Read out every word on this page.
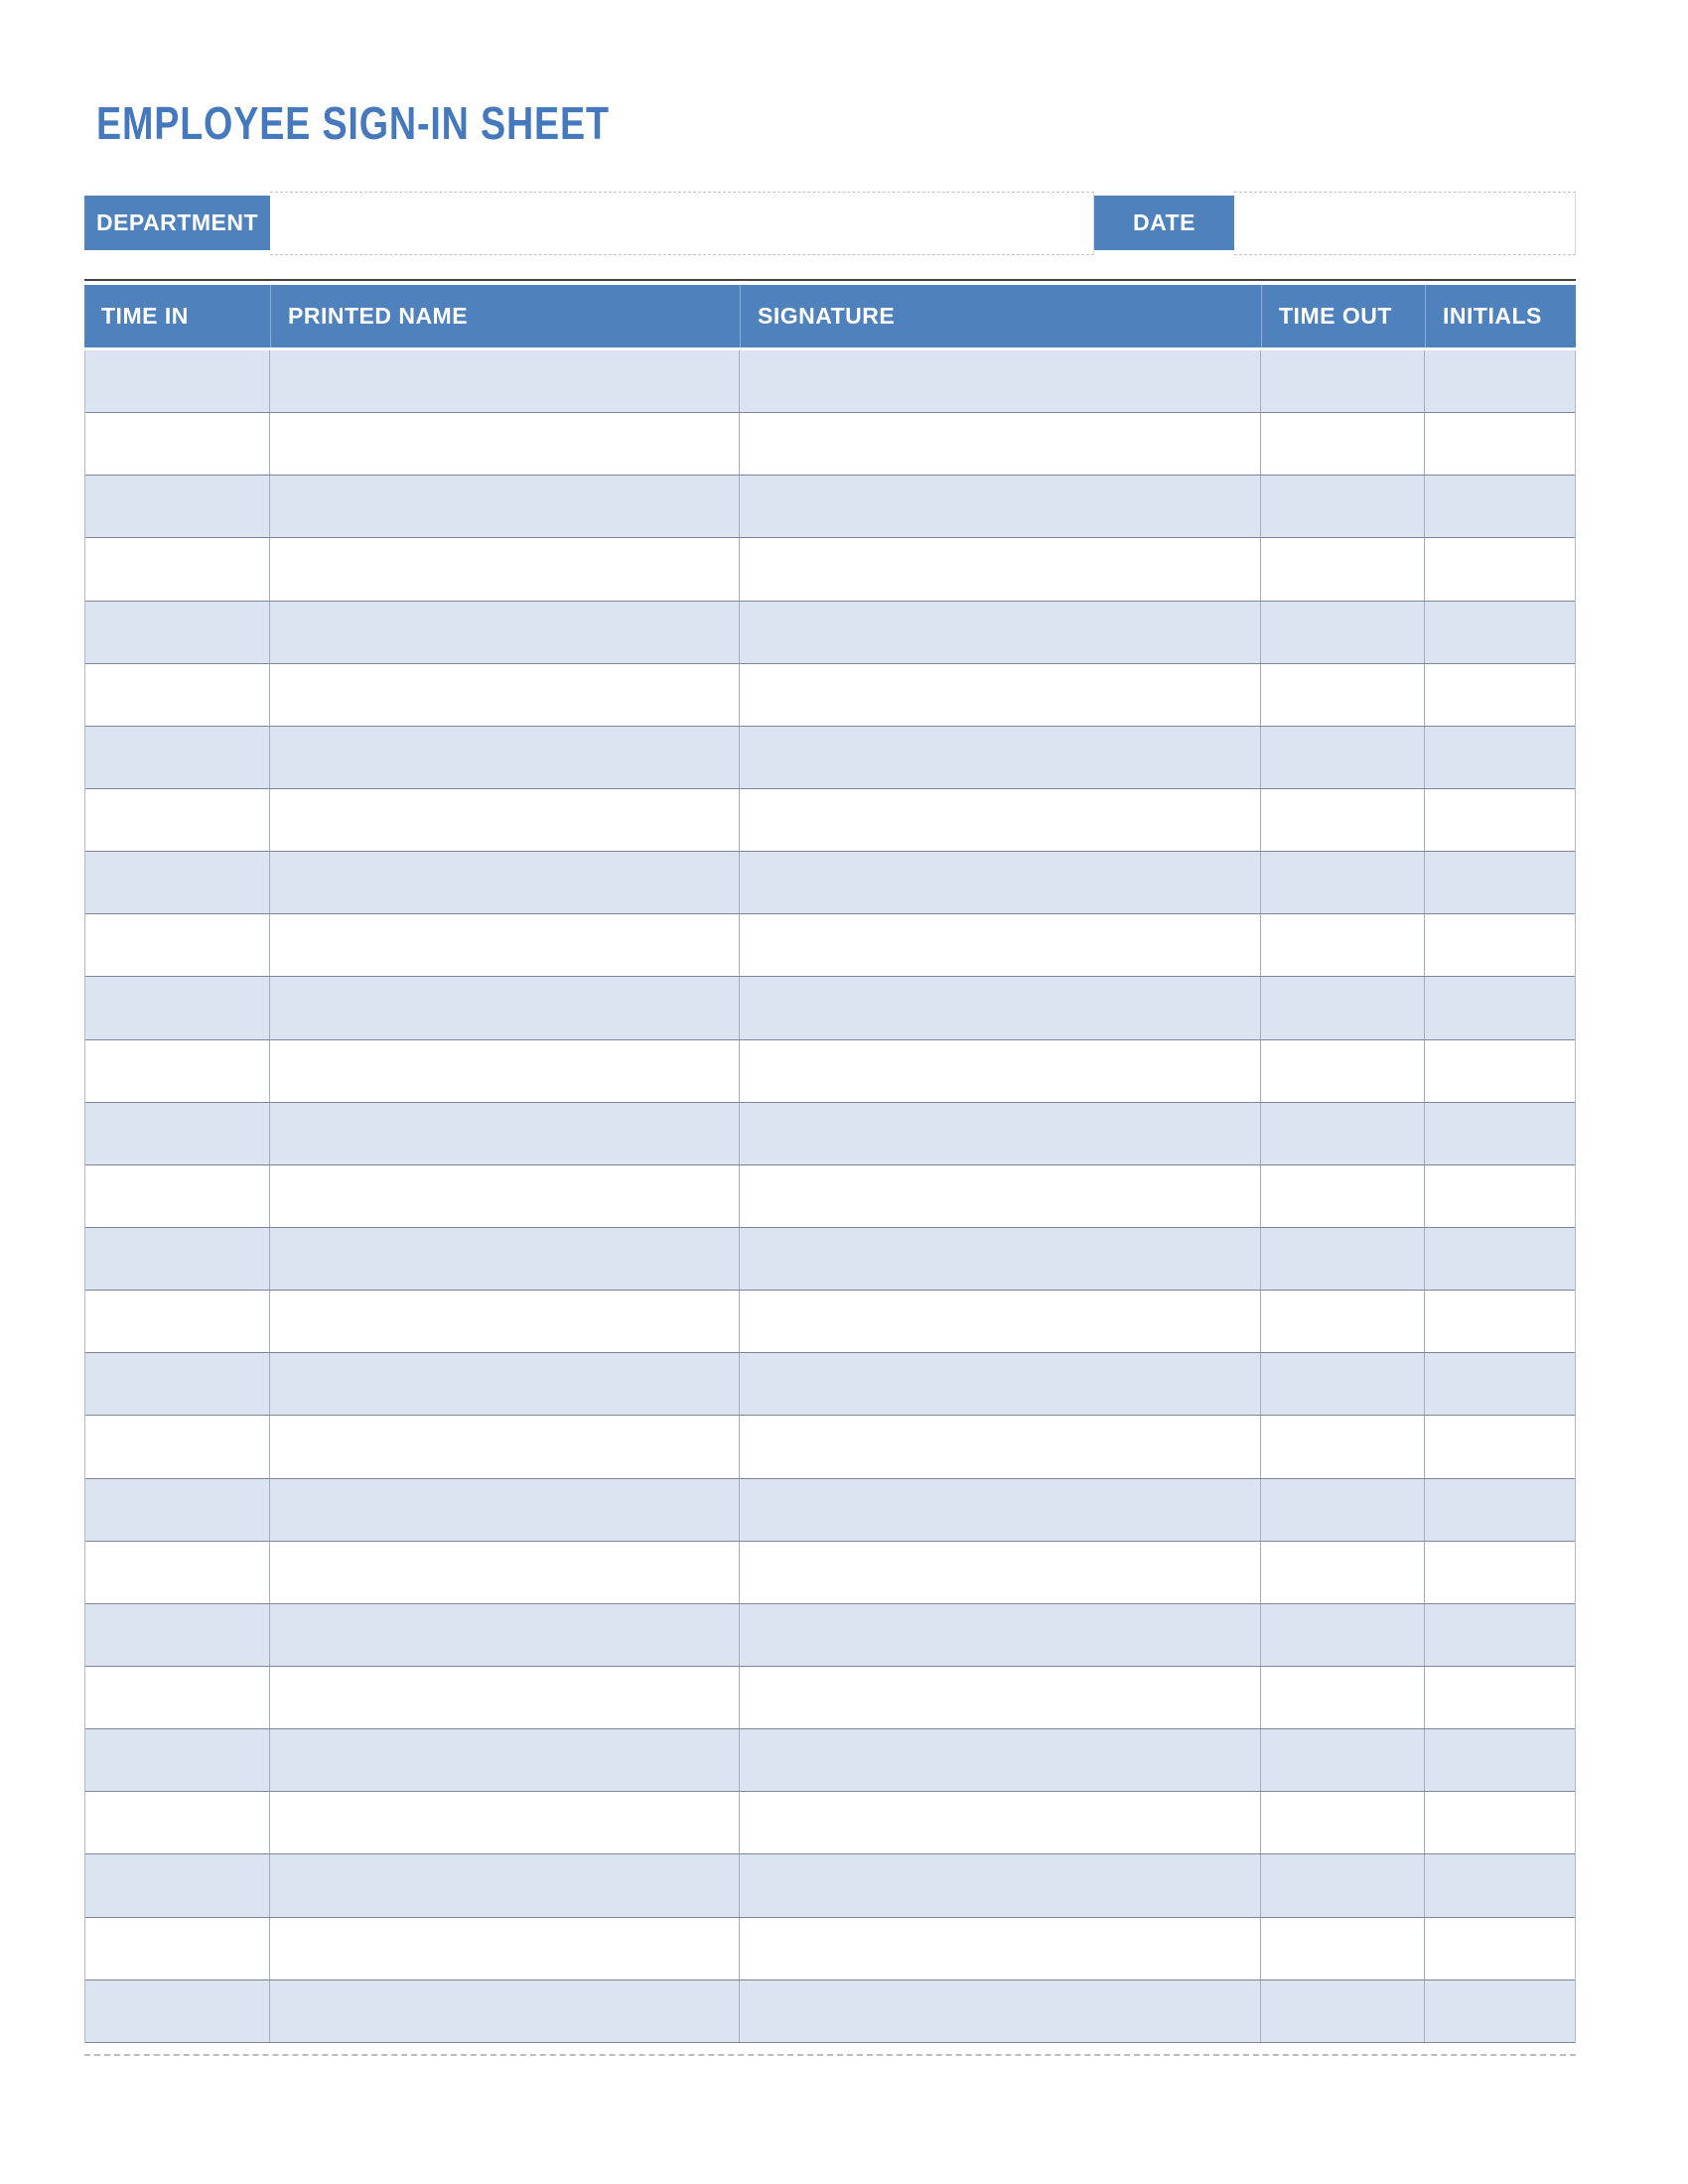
EMPLOYEE SIGN-IN SHEET
DEPARTMENT	DATE
TIME IN	PRINTED NAME	SIGNATURE	TIME OUT	INITIALS
